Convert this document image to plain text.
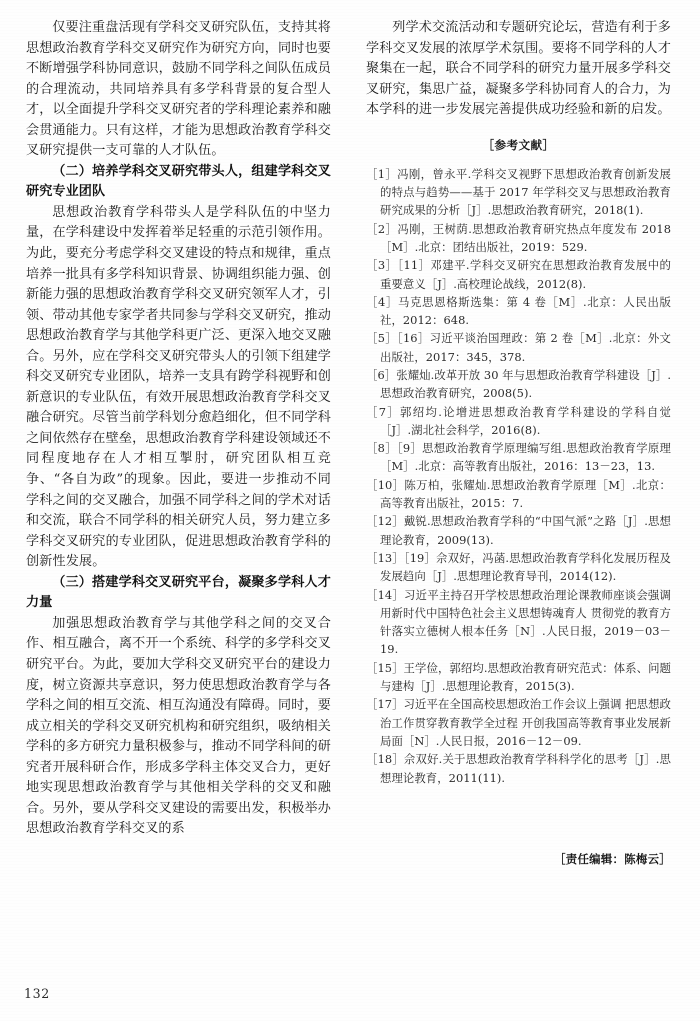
仅要注重盘活现有学科交叉研究队伍，支持其将思想政治教育学科交叉研究作为研究方向，同时也要不断增强学科协同意识，鼓励不同学科之间队伍成员的合理流动，共同培养具有多学科背景的复合型人才，以全面提升学科交叉研究者的学科理论素养和融会贯通能力。只有这样，才能为思想政治教育学科交叉研究提供一支可靠的人才队伍。

（二）培养学科交叉研究带头人，组建学科交叉研究专业团队

思想政治教育学科带头人是学科队伍的中坚力量，在学科建设中发挥着举足轻重的示范引领作用。为此，要充分考虑学科交叉建设的特点和规律，重点培养一批具有多学科知识背景、协调组织能力强、创新能力强的思想政治教育学科交叉研究领军人才，引领、带动其他专家学者共同参与学科交叉研究，推动思想政治教育学与其他学科更广泛、更深入地交叉融合。另外，应在学科交叉研究带头人的引领下组建学科交叉研究专业团队，培养一支具有跨学科视野和创新意识的专业队伍，有效开展思想政治教育学科交叉融合研究。尽管当前学科划分愈趋细化，但不同学科之间依然存在壁垒，思想政治教育学科建设领域还不同程度地存在人才相互掣肘，研究团队相互竞争、“各自为政”的现象。因此，要进一步推动不同学科之间的交叉融合，加强不同学科之间的学术对话和交流，联合不同学科的相关研究人员，努力建立多学科交叉研究的专业团队，促进思想政治教育学科的创新性发展。

（三）搭建学科交叉研究平台，凝聚多学科人才力量

加强思想政治教育学与其他学科之间的交叉合作、相互融合，离不开一个系统、科学的多学科交叉研究平台。为此，要加大学科交叉研究平台的建设力度，树立资源共享意识，努力使思想政治教育学与各学科之间的相互交流、相互沟通没有障碍。同时，要成立相关的学科交叉研究机构和研究组织，吸纳相关学科的多方研究力量积极参与，推动不同学科间的研究者开展科研合作，形成多学科主体交叉合力，更好地实现思想政治教育学与其他相关学科的交叉和融合。另外，要从学科交叉建设的需要出发，积极举办思想政治教育学科交叉的系

列学术交流活动和专题研究论坛，营造有利于多学科交叉发展的浓厚学术氛围。要将不同学科的人才聚集在一起，联合不同学科的研究力量开展多学科交叉研究，集思广益，凝聚多学科协同育人的合力，为本学科的进一步发展完善提供成功经验和新的启发。

［参考文献］

［1］冯刚，曾永平.学科交叉视野下思想政治教育创新发展的特点与趋势——基于 2017 年学科交叉与思想政治教育研究成果的分析［J］.思想政治教育研究，2018(1).
［2］冯刚，王树荫.思想政治教育研究热点年度发布 2018［M］.北京：团结出版社，2019：529.
［3］［11］邓建平.学科交叉研究在思想政治教育发展中的重要意义［J］.高校理论战线，2012(8).
［4］马克思恩格斯选集：第 4 卷［M］.北京：人民出版社，2012：648.
［5］［16］习近平谈治国理政：第 2 卷［M］.北京：外文出版社，2017：345，378.
［6］张耀灿.改革开放 30 年与思想政治教育学科建设［J］.思想政治教育研究，2008(5).
［7］郭绍均.论增进思想政治教育学科建设的学科自觉［J］.湖北社会科学，2016(8).
［8］［9］思想政治教育学原理编写组.思想政治教育学原理［M］.北京：高等教育出版社，2016：13－23，13.
［10］陈万柏，张耀灿.思想政治教育学原理［M］.北京：高等教育出版社，2015：7.
［12］戴锐.思想政治教育学科的“中国气派”之路［J］.思想理论教育，2009(13).
［13］［19］佘双好，冯菡.思想政治教育学科化发展历程及发展趋向［J］.思想理论教育导刊，2014(12).
［14］习近平主持召开学校思想政治理论课教师座谈会强调 用新时代中国特色社会主义思想铸魂育人 贯彻党的教育方针落实立德树人根本任务［N］.人民日报，2019－03－19.
［15］王学俭，郭绍均.思想政治教育研究范式：体系、问题与建构［J］.思想理论教育，2015(3).
［17］习近平在全国高校思想政治工作会议上强调 把思想政治工作贯穿教育教学全过程 开创我国高等教育事业发展新局面［N］.人民日报，2016－12－09.
［18］佘双好.关于思想政治教育学科科学化的思考［J］.思想理论教育，2011(11).
［责任编辑：陈梅云］
132
